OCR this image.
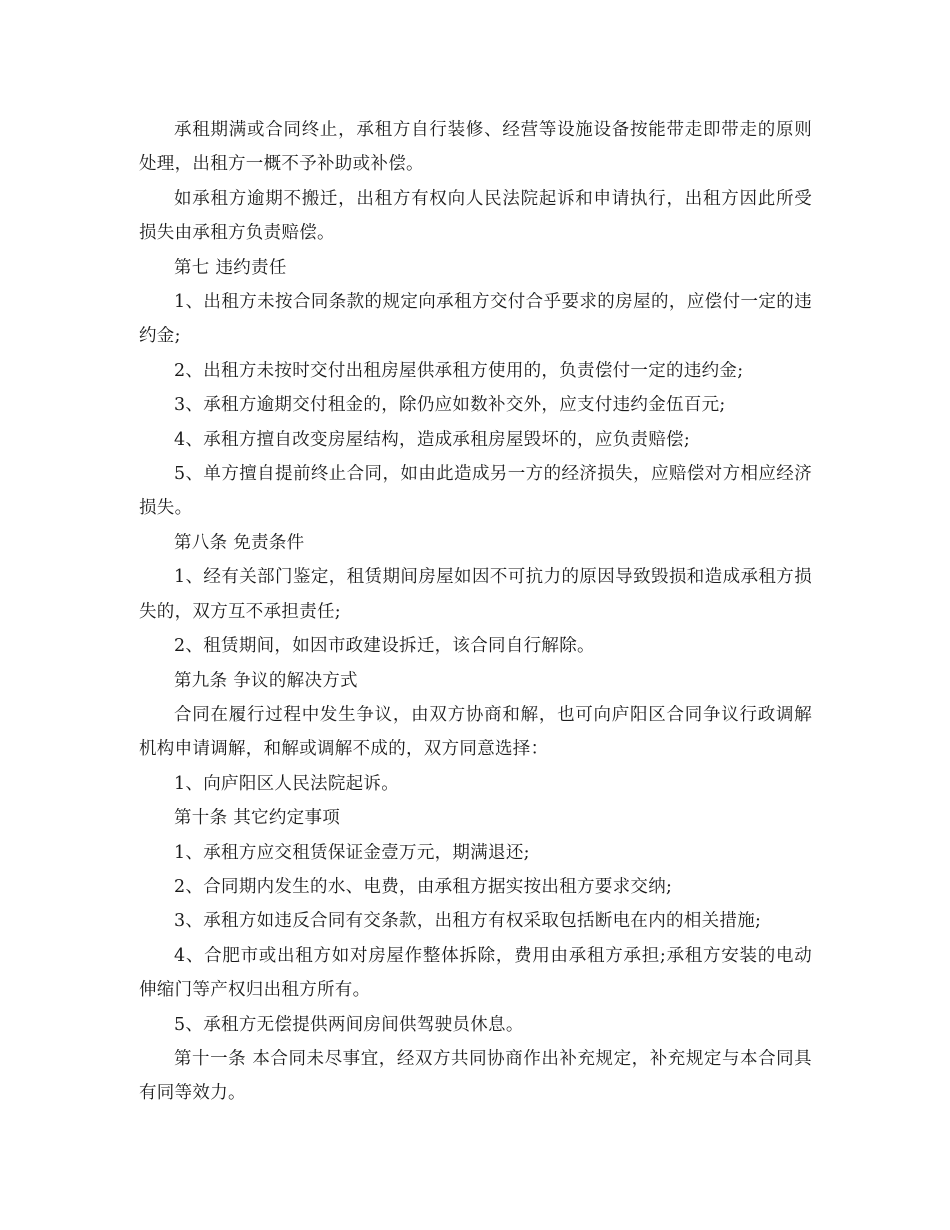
承租期满或合同终止，承租方自行装修、经营等设施设备按能带走即带走的原则处理，出租方一概不予补助或补偿。

如承租方逾期不搬迁，出租方有权向人民法院起诉和申请执行，出租方因此所受损失由承租方负责赔偿。

第七 违约责任

1、出租方未按合同条款的规定向承租方交付合乎要求的房屋的，应偿付一定的违约金;

2、出租方未按时交付出租房屋供承租方使用的，负责偿付一定的违约金;

3、承租方逾期交付租金的，除仍应如数补交外，应支付违约金伍百元;

4、承租方擅自改变房屋结构，造成承租房屋毁坏的，应负责赔偿;

5、单方擅自提前终止合同，如由此造成另一方的经济损失，应赔偿对方相应经济损失。

第八条 免责条件

1、经有关部门鉴定，租赁期间房屋如因不可抗力的原因导致毁损和造成承租方损失的，双方互不承担责任;

2、租赁期间，如因市政建设拆迁，该合同自行解除。

第九条 争议的解决方式

合同在履行过程中发生争议，由双方协商和解，也可向庐阳区合同争议行政调解机构申请调解，和解或调解不成的，双方同意选择：

1、向庐阳区人民法院起诉。

第十条 其它约定事项

1、承租方应交租赁保证金壹万元，期满退还;

2、合同期内发生的水、电费，由承租方据实按出租方要求交纳;

3、承租方如违反合同有交条款，出租方有权采取包括断电在内的相关措施;

4、合肥市或出租方如对房屋作整体拆除，费用由承租方承担;承租方安装的电动伸缩门等产权归出租方所有。

5、承租方无偿提供两间房间供驾驶员休息。

第十一条 本合同未尽事宜，经双方共同协商作出补充规定，补充规定与本合同具有同等效力。
